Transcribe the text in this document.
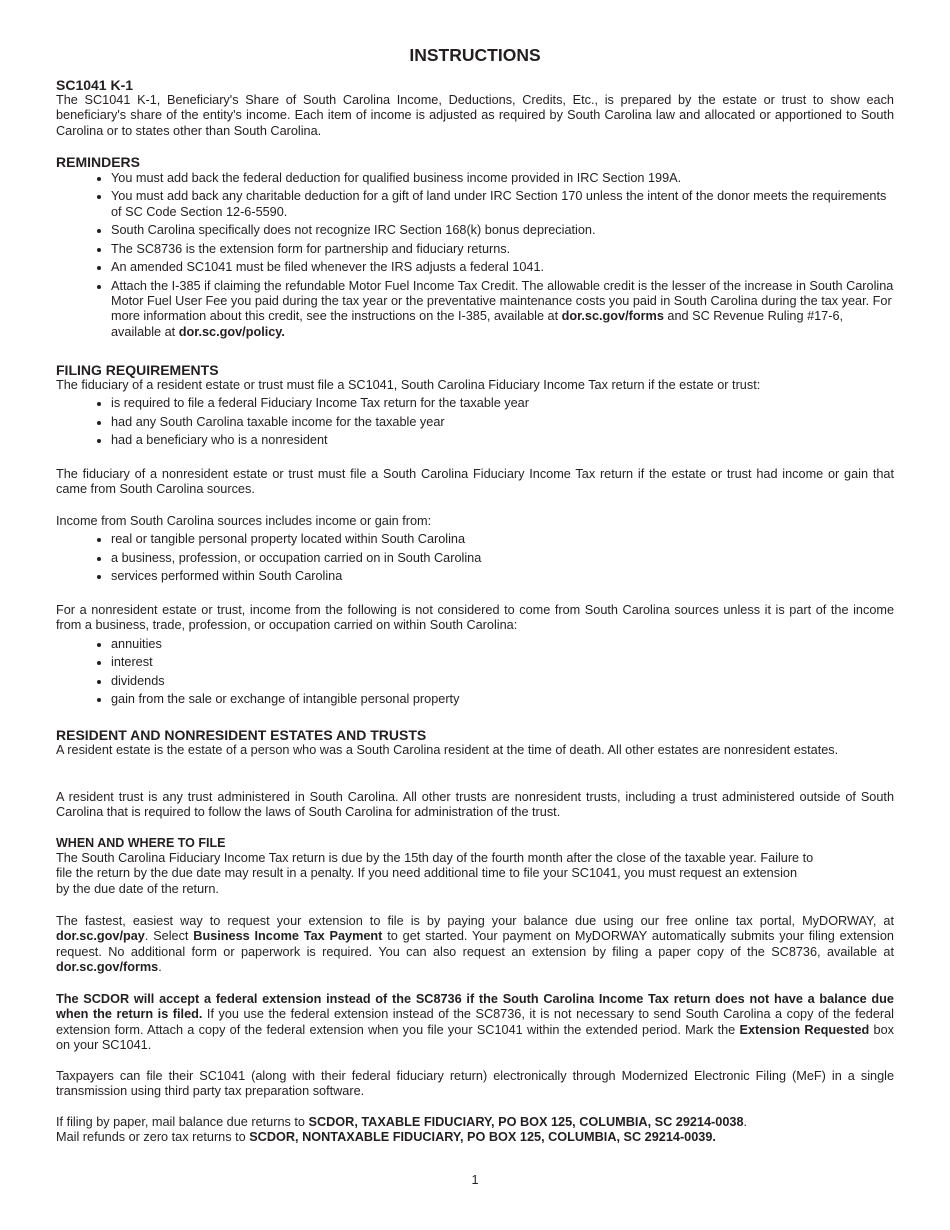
INSTRUCTIONS
SC1041 K-1

The SC1041 K-1, Beneficiary's Share of South Carolina Income, Deductions, Credits, Etc., is prepared by the estate or trust to show each beneficiary's share of the entity's income. Each item of income is adjusted as required by South Carolina law and allocated or apportioned to South Carolina or to states other than South Carolina.

REMINDERS
You must add back the federal deduction for qualified business income provided in IRC Section 199A.
You must add back any charitable deduction for a gift of land under IRC Section 170 unless the intent of the donor meets the requirements of SC Code Section 12-6-5590.
South Carolina specifically does not recognize IRC Section 168(k) bonus depreciation.
The SC8736 is the extension form for partnership and fiduciary returns.
An amended SC1041 must be filed whenever the IRS adjusts a federal 1041.
Attach the I-385 if claiming the refundable Motor Fuel Income Tax Credit. The allowable credit is the lesser of the increase in South Carolina Motor Fuel User Fee you paid during the tax year or the preventative maintenance costs you paid in South Carolina during the tax year. For more information about this credit, see the instructions on the I-385, available at dor.sc.gov/forms and SC Revenue Ruling #17-6, available at dor.sc.gov/policy.
FILING REQUIREMENTS

The fiduciary of a resident estate or trust must file a SC1041, South Carolina Fiduciary Income Tax return if the estate or trust:

is required to file a federal Fiduciary Income Tax return for the taxable year
had any South Carolina taxable income for the taxable year
had a beneficiary who is a nonresident

The fiduciary of a nonresident estate or trust must file a South Carolina Fiduciary Income Tax return if the estate or trust had income or gain that came from South Carolina sources.

Income from South Carolina sources includes income or gain from:

real or tangible personal property located within South Carolina
a business, profession, or occupation carried on in South Carolina
services performed within South Carolina

For a nonresident estate or trust, income from the following is not considered to come from South Carolina sources unless it is part of the income from a business, trade, profession, or occupation carried on within South Carolina:

annuities
interest
dividends
gain from the sale or exchange of intangible personal property
RESIDENT AND NONRESIDENT ESTATES AND TRUSTS

A resident estate is the estate of a person who was a South Carolina resident at the time of death. All other estates are nonresident estates.

A resident trust is any trust administered in South Carolina. All other trusts are nonresident trusts, including a trust administered outside of South Carolina that is required to follow the laws of South Carolina for administration of the trust.

WHEN AND WHERE TO FILE

The South Carolina Fiduciary Income Tax return is due by the 15th day of the fourth month after the close of the taxable year. Failure to

file the return by the due date may result in a penalty. If you need additional time to file your SC1041, you must request an extension

by the due date of the return.

The fastest, easiest way to request your extension to file is by paying your balance due using our free online tax portal, MyDORWAY, at dor.sc.gov/pay. Select Business Income Tax Payment to get started. Your payment on MyDORWAY automatically submits your filing extension request. No additional form or paperwork is required. You can also request an extension by filing a paper copy of the SC8736, available at dor.sc.gov/forms.

The SCDOR will accept a federal extension instead of the SC8736 if the South Carolina Income Tax return does not have a balance due when the return is filed. If you use the federal extension instead of the SC8736, it is not necessary to send South Carolina a copy of the federal extension form. Attach a copy of the federal extension when you file your SC1041 within the extended period. Mark the Extension Requested box on your SC1041.

Taxpayers can file their SC1041 (along with their federal fiduciary return) electronically through Modernized Electronic Filing (MeF) in a single transmission using third party tax preparation software.

If filing by paper, mail balance due returns to SCDOR, TAXABLE FIDUCIARY, PO BOX 125, COLUMBIA, SC 29214-0038.

Mail refunds or zero tax returns to SCDOR, NONTAXABLE FIDUCIARY, PO BOX 125, COLUMBIA, SC 29214-0039.

1
